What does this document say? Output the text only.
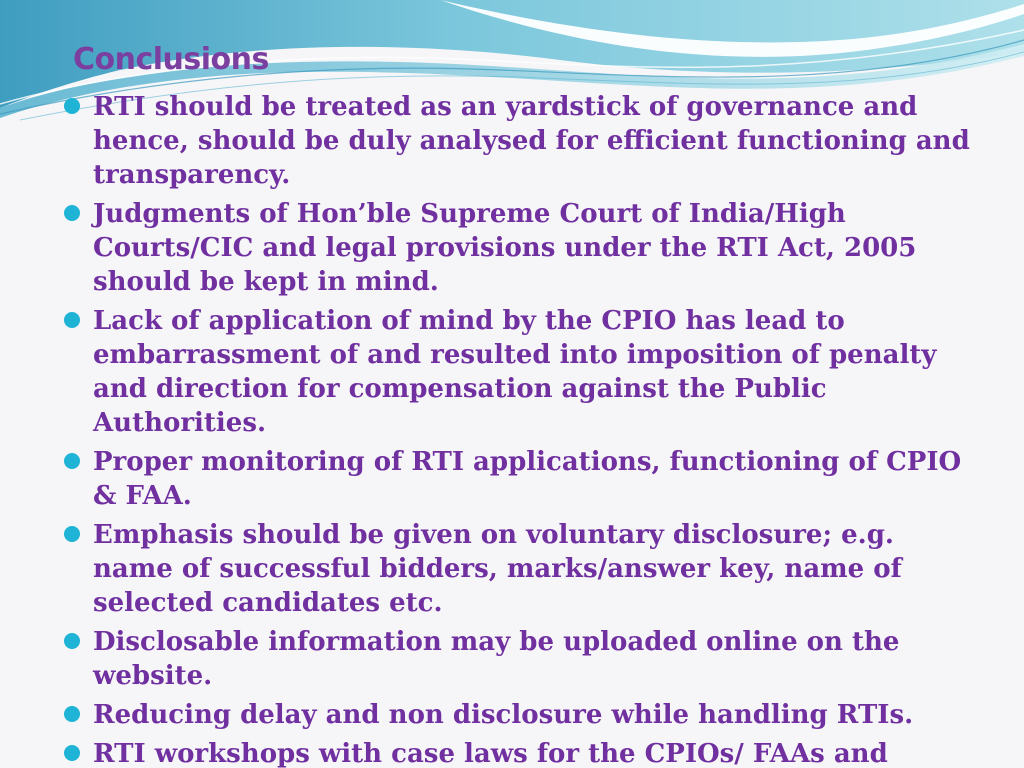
Conclusions
RTI should be treated as an yardstick of governance and hence, should be duly analysed for efficient functioning and transparency.
Judgments of Hon’ble Supreme Court of India/High Courts/CIC and legal provisions under the RTI Act, 2005 should be kept in mind.
Lack of application of mind by the CPIO has lead to embarrassment of and resulted into imposition of penalty and direction for compensation against the Public Authorities.
Proper monitoring of RTI applications, functioning of CPIO & FAA.
Emphasis should be given on voluntary disclosure; e.g. name of successful bidders, marks/answer key, name of selected candidates etc.
Disclosable information may be uploaded online on the website.
Reducing delay and non disclosure while handling RTIs.
RTI workshops with case laws for the CPIOs/ FAAs and
